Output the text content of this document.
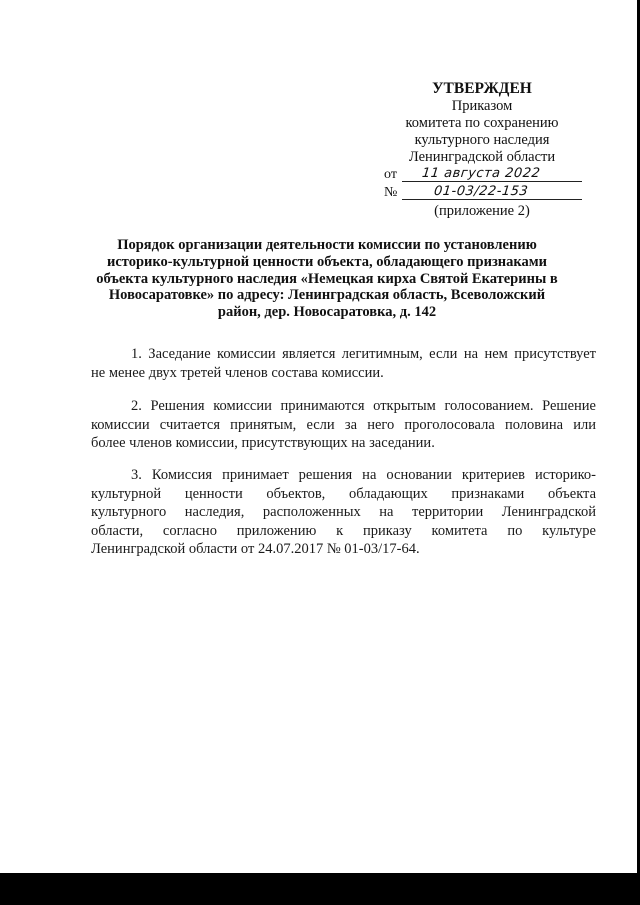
УТВЕРЖДЕН
Приказом
комитета по сохранению
культурного наследия
Ленинградской области
от 11 августа 2022
№	01-03/22-153
(приложение 2)
Порядок организации деятельности комиссии по установлению
историко-культурной ценности объекта, обладающего признаками
объекта культурного наследия «Немецкая кирха Святой Екатерины в
Новосаратовке» по адресу: Ленинградская область, Всеволожский
район, дер. Новосаратовка, д. 142
1. Заседание комиссии является легитимным, если на нем присутствует
не менее двух третей членов состава комиссии.
2. Решения комиссии принимаются открытым голосованием. Решение
комиссии считается принятым, если за него проголосовала половина или
более членов комиссии, присутствующих на заседании.
3. Комиссия принимает решения на основании критериев историко-
культурной ценности объектов, обладающих признаками объекта
культурного наследия, расположенных на территории Ленинградской
области, согласно приложению к приказу комитета по культуре
Ленинградской области от 24.07.2017 № 01-03/17-64.
